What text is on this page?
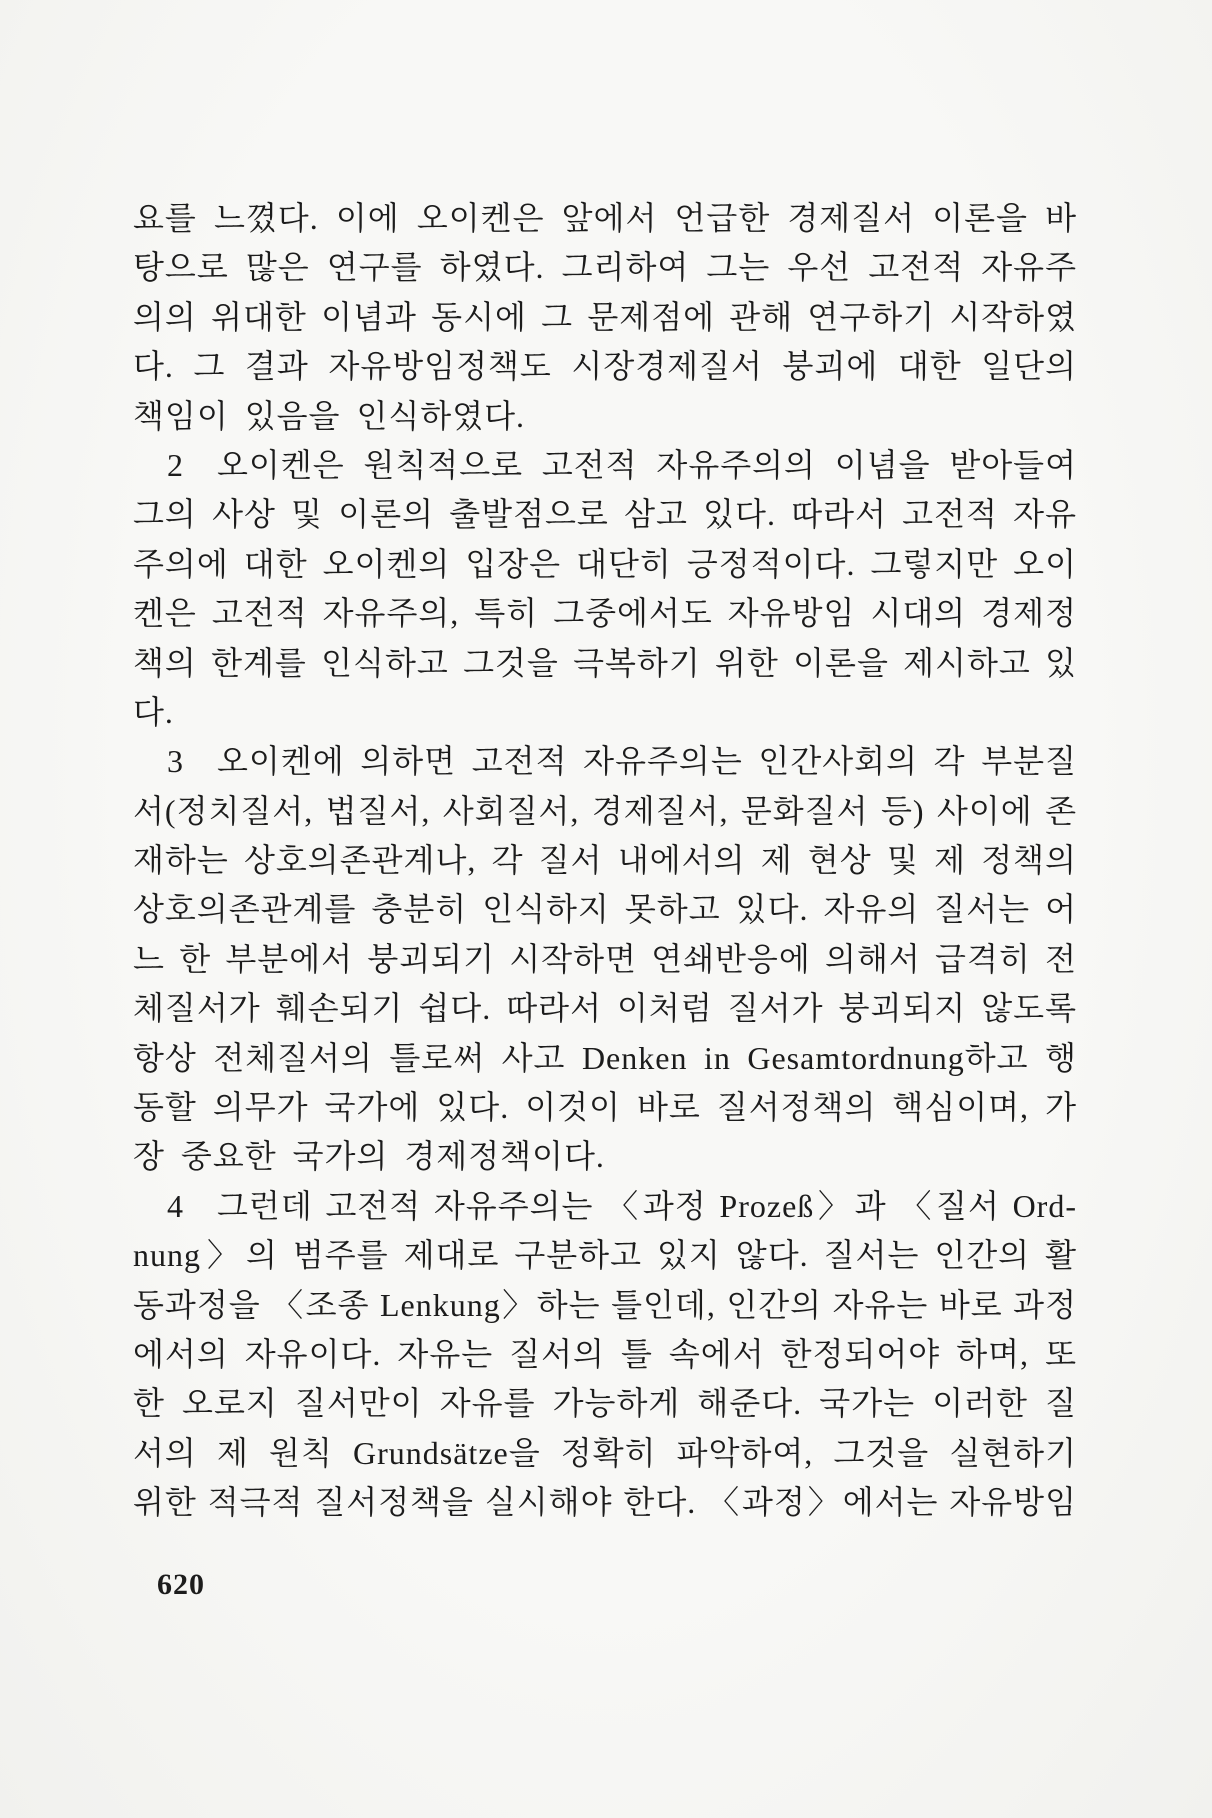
요를 느꼈다. 이에 오이켄은 앞에서 언급한 경제질서 이론을 바
탕으로 많은 연구를 하였다. 그리하여 그는 우선 고전적 자유주
의의 위대한 이념과 동시에 그 문제점에 관해 연구하기 시작하였
다. 그 결과 자유방임정책도 시장경제질서 붕괴에 대한 일단의
책임이 있음을 인식하였다.
2 오이켄은 원칙적으로 고전적 자유주의의 이념을 받아들여
그의 사상 및 이론의 출발점으로 삼고 있다. 따라서 고전적 자유
주의에 대한 오이켄의 입장은 대단히 긍정적이다. 그렇지만 오이
켄은 고전적 자유주의, 특히 그중에서도 자유방임 시대의 경제정
책의 한계를 인식하고 그것을 극복하기 위한 이론을 제시하고 있
다.
3 오이켄에 의하면 고전적 자유주의는 인간사회의 각 부분질
서(정치질서, 법질서, 사회질서, 경제질서, 문화질서 등) 사이에 존
재하는 상호의존관계나, 각 질서 내에서의 제 현상 및 제 정책의
상호의존관계를 충분히 인식하지 못하고 있다. 자유의 질서는 어
느 한 부분에서 붕괴되기 시작하면 연쇄반응에 의해서 급격히 전
체질서가 훼손되기 쉽다. 따라서 이처럼 질서가 붕괴되지 않도록
항상 전체질서의 틀로써 사고 Denken in Gesamtordnung하고 행
동할 의무가 국가에 있다. 이것이 바로 질서정책의 핵심이며, 가
장 중요한 국가의 경제정책이다.
4 그런데 고전적 자유주의는 〈과정 Prozeß〉과 〈질서 Ord-
nung〉의 범주를 제대로 구분하고 있지 않다. 질서는 인간의 활
동과정을 〈조종 Lenkung〉하는 틀인데, 인간의 자유는 바로 과정
에서의 자유이다. 자유는 질서의 틀 속에서 한정되어야 하며, 또
한 오로지 질서만이 자유를 가능하게 해준다. 국가는 이러한 질
서의 제 원칙 Grundsätze을 정확히 파악하여, 그것을 실현하기
위한 적극적 질서정책을 실시해야 한다. 〈과정〉에서는 자유방임
620
